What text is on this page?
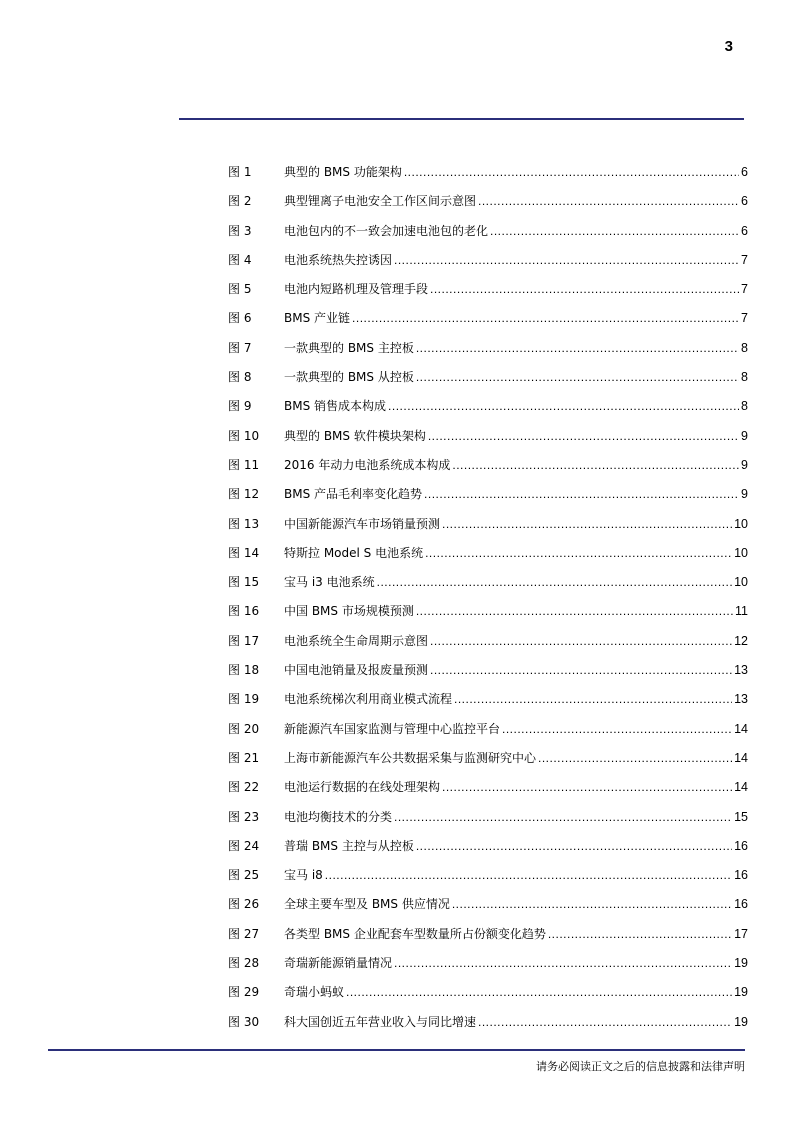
3
图 1	典型的 BMS 功能架构 .....	6
图 2	典型锂离子电池安全工作区间示意图 .....	6
图 3	电池包内的不一致会加速电池包的老化 .....	6
图 4	电池系统热失控诱因 .....	7
图 5	电池内短路机理及管理手段 .....	7
图 6	BMS 产业链 .....	7
图 7	一款典型的 BMS 主控板 .....	8
图 8	一款典型的 BMS 从控板 .....	8
图 9	BMS 销售成本构成 .....	8
图 10	典型的 BMS 软件模块架构 .....	9
图 11	2016 年动力电池系统成本构成 .....	9
图 12	BMS 产品毛利率变化趋势 .....	9
图 13	中国新能源汽车市场销量预测 .....	10
图 14	特斯拉 Model S 电池系统 .....	10
图 15	宝马 i3 电池系统 .....	10
图 16	中国 BMS 市场规模预测 .....	11
图 17	电池系统全生命周期示意图 .....	12
图 18	中国电池销量及报废量预测 .....	13
图 19	电池系统梯次利用商业模式流程 .....	13
图 20	新能源汽车国家监测与管理中心监控平台 .....	14
图 21	上海市新能源汽车公共数据采集与监测研究中心 .....	14
图 22	电池运行数据的在线处理架构 .....	14
图 23	电池均衡技术的分类 .....	15
图 24	普瑞 BMS 主控与从控板 .....	16
图 25	宝马 i8 .....	16
图 26	全球主要车型及 BMS 供应情况 .....	16
图 27	各类型 BMS 企业配套车型数量所占份额变化趋势 .....	17
图 28	奇瑞新能源销量情况 .....	19
图 29	奇瑞小蚂蚁 .....	19
图 30	科大国创近五年营业收入与同比增速 .....	19
请务必阅读正文之后的信息披露和法律声明
